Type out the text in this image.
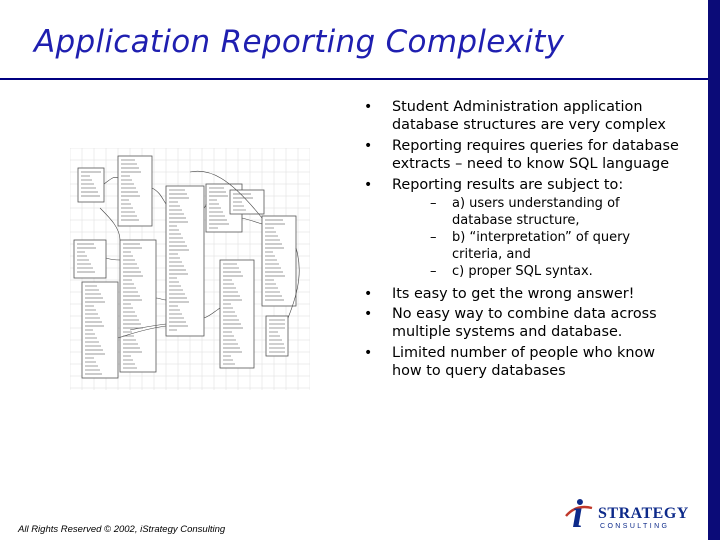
Application Reporting Complexity
• Student Administration application database structures are very complex
• Reporting requires queries for database extracts – need to know SQL language
• Reporting results are subject to:
– a) users understanding of database structure,
– b) “interpretation” of query criteria, and
– c) proper SQL syntax.
• Its easy to get the wrong answer!
• No easy way to combine data across multiple systems and database.
• Limited number of people who know how to query databases
All Rights Reserved © 2002, iStrategy Consulting	i STRATEGY
CONSULTING
